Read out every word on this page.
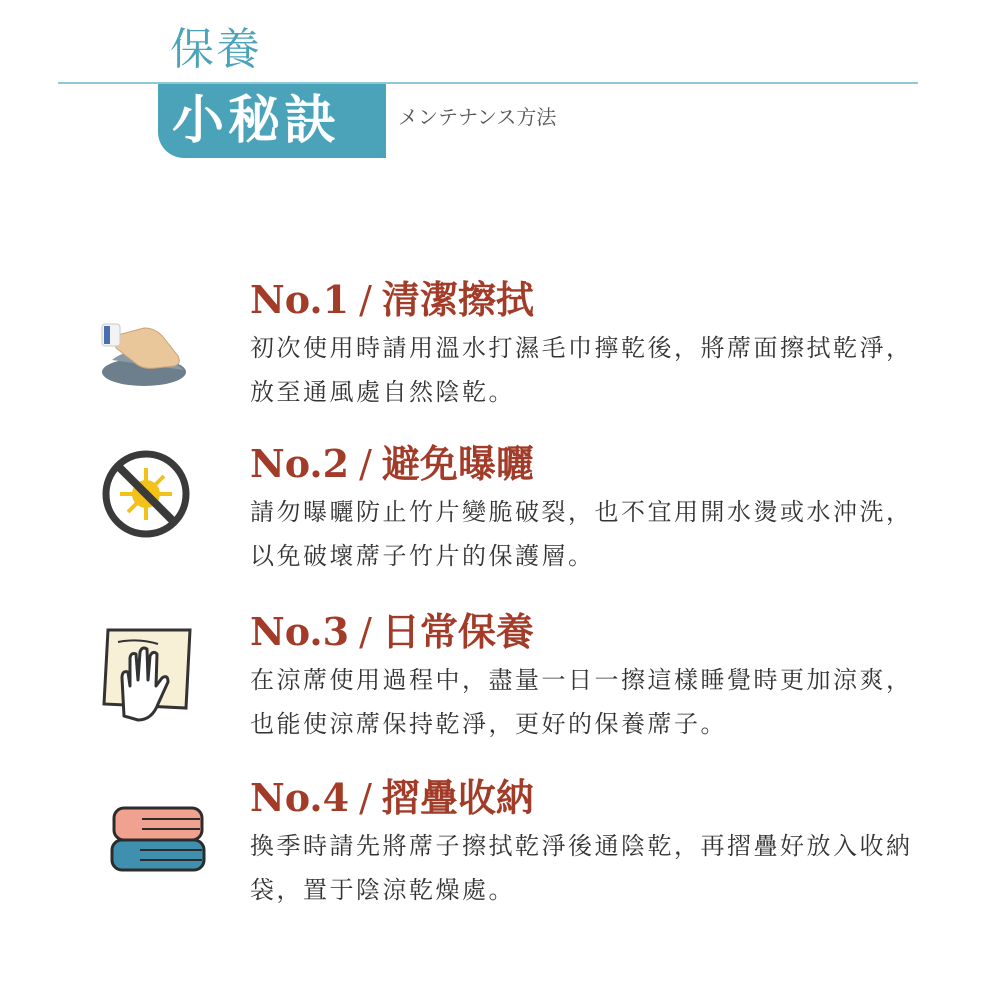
保養
小秘訣	メンテナンス方法
No.1 / 清潔擦拭
初次使用時請用溫水打濕毛巾擰乾後，將蓆面擦拭乾淨，放至通風處自然陰乾。
No.2 / 避免曝曬
請勿曝曬防止竹片變脆破裂，也不宜用開水燙或水沖洗，以免破壞蓆子竹片的保護層。
No.3 / 日常保養
在涼蓆使用過程中，盡量一日一擦這樣睡覺時更加涼爽，也能使涼蓆保持乾淨，更好的保養蓆子。
No.4 / 摺疊收納
換季時請先將蓆子擦拭乾淨後通陰乾，再摺疊好放入收納袋，置于陰涼乾燥處。
